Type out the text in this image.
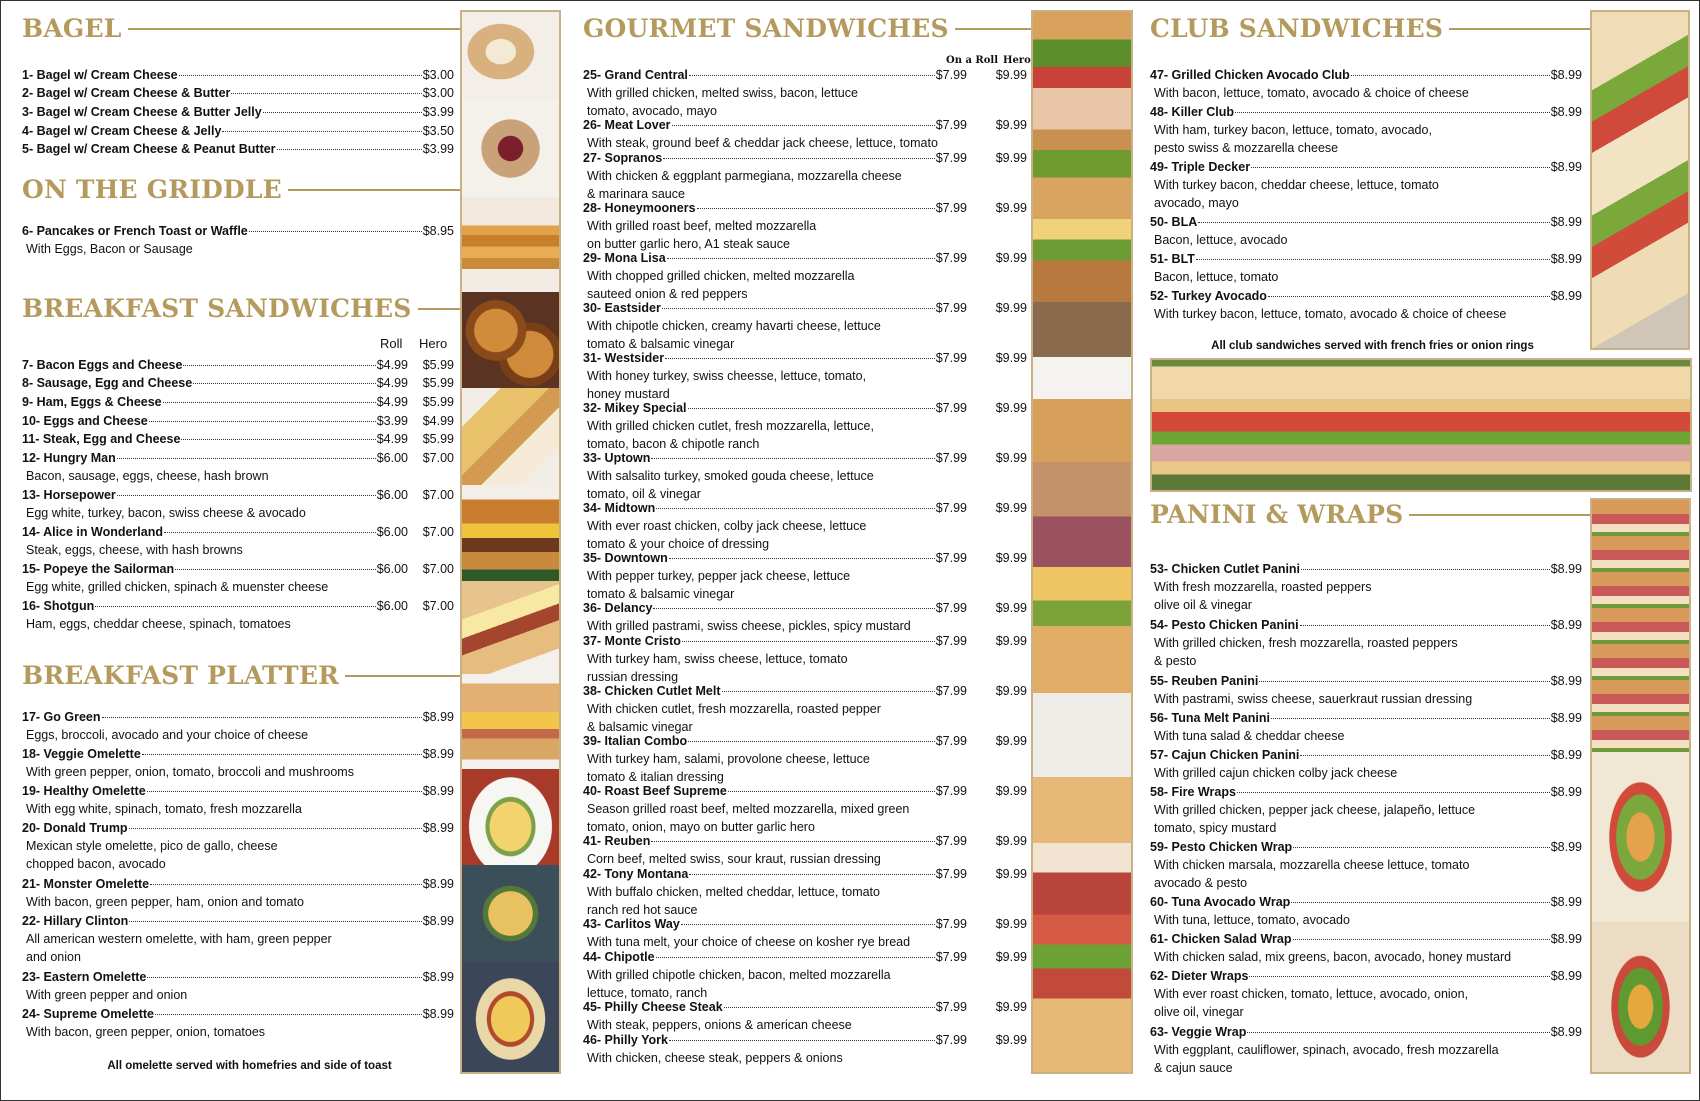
BAGEL
1- Bagel w/ Cream Cheese	$3.00
2- Bagel w/ Cream Cheese & Butter	$3.00
3- Bagel w/ Cream Cheese & Butter Jelly	$3.99
4- Bagel w/ Cream Cheese & Jelly	$3.50
5- Bagel w/ Cream Cheese & Peanut Butter	$3.99
ON THE GRIDDLE
6- Pancakes or French Toast or Waffle	$8.95
With Eggs, Bacon or Sausage
BREAKFAST SANDWICHES
Roll Hero
7- Bacon Eggs and Cheese	$4.99	$5.99
8- Sausage, Egg and Cheese	$4.99	$5.99
9- Ham, Eggs & Cheese	$4.99	$5.99
10- Eggs and Cheese	$3.99	$4.99
11- Steak, Egg and Cheese	$4.99	$5.99
12- Hungry Man	$6.00	$7.00
Bacon, sausage, eggs, cheese, hash brown
13- Horsepower	$6.00	$7.00
Egg white, turkey, bacon, swiss cheese & avocado
14- Alice in Wonderland	$6.00	$7.00
Steak, eggs, cheese, with hash browns
15- Popeye the Sailorman	$6.00	$7.00
Egg white, grilled chicken, spinach & muenster cheese
16- Shotgun	$6.00	$7.00
Ham, eggs, cheddar cheese, spinach, tomatoes
BREAKFAST PLATTER
17- Go Green	$8.99
Eggs, broccoli, avocado and your choice of cheese
18- Veggie Omelette	$8.99
With green pepper, onion, tomato, broccoli and mushrooms
19- Healthy Omelette	$8.99
With egg white, spinach, tomato, fresh mozzarella
20- Donald Trump	$8.99
Mexican style omelette, pico de gallo, cheese
chopped bacon, avocado
21- Monster Omelette	$8.99
With bacon, green pepper, ham, onion and tomato
22- Hillary Clinton	$8.99
All american western omelette, with ham, green pepper
and onion
23- Eastern Omelette	$8.99
With green pepper and onion
24- Supreme Omelette	$8.99
With bacon, green pepper, onion, tomatoes
All omelette served with homefries and side of toast
GOURMET SANDWICHES
On a Roll Hero
25- Grand Central	$7.99	$9.99
With grilled chicken, melted swiss, bacon, lettuce
tomato, avocado, mayo
26- Meat Lover	$7.99	$9.99
With steak, ground beef & cheddar jack cheese, lettuce, tomato
27- Sopranos	$7.99	$9.99
With chicken & eggplant parmegiana, mozzarella cheese
& marinara sauce
28- Honeymooners	$7.99	$9.99
With grilled roast beef, melted mozzarella
on butter garlic hero, A1 steak sauce
29- Mona Lisa	$7.99	$9.99
With chopped grilled chicken, melted mozzarella
sauteed onion & red peppers
30- Eastsider	$7.99	$9.99
With chipotle chicken, creamy havarti cheese, lettuce
tomato & balsamic vinegar
31- Westsider	$7.99	$9.99
With honey turkey, swiss cheesse, lettuce, tomato,
honey mustard
32- Mikey Special	$7.99	$9.99
With grilled chicken cutlet, fresh mozzarella, lettuce,
tomato, bacon & chipotle ranch
33- Uptown	$7.99	$9.99
With salsalito turkey, smoked gouda cheese, lettuce
tomato, oil & vinegar
34- Midtown	$7.99	$9.99
With ever roast chicken, colby jack cheese, lettuce
tomato & your choice of dressing
35- Downtown	$7.99	$9.99
With pepper turkey, pepper jack cheese, lettuce
tomato & balsamic vinegar
36- Delancy	$7.99	$9.99
With grilled pastrami, swiss cheese, pickles, spicy mustard
37- Monte Cristo	$7.99	$9.99
With turkey ham, swiss cheese, lettuce, tomato
russian dressing
38- Chicken Cutlet Melt	$7.99	$9.99
With chicken cutlet, fresh mozzarella, roasted pepper
& balsamic vinegar
39- Italian Combo	$7.99	$9.99
With turkey ham, salami, provolone cheese, lettuce
tomato & italian dressing
40- Roast Beef Supreme	$7.99	$9.99
Season grilled roast beef, melted mozzarella, mixed green
tomato, onion, mayo on butter garlic hero
41- Reuben	$7.99	$9.99
Corn beef, melted swiss, sour kraut, russian dressing
42- Tony Montana	$7.99	$9.99
With buffalo chicken, melted cheddar, lettuce, tomato
ranch red hot sauce
43- Carlitos Way	$7.99	$9.99
With tuna melt, your choice of cheese on kosher rye bread
44- Chipotle	$7.99	$9.99
With grilled chipotle chicken, bacon, melted mozzarella
lettuce, tomato, ranch
45- Philly Cheese Steak	$7.99	$9.99
With steak, peppers, onions & american cheese
46- Philly York	$7.99	$9.99
With chicken, cheese steak, peppers & onions
CLUB SANDWICHES
47- Grilled Chicken Avocado Club	$8.99
With bacon, lettuce, tomato, avocado & choice of cheese
48- Killer Club	$8.99
With ham, turkey bacon, lettuce, tomato, avocado,
pesto swiss & mozzarella cheese
49- Triple Decker	$8.99
With turkey bacon, cheddar cheese, lettuce, tomato
avocado, mayo
50- BLA	$8.99
Bacon, lettuce, avocado
51- BLT	$8.99
Bacon, lettuce, tomato
52- Turkey Avocado	$8.99
With turkey bacon, lettuce, tomato, avocado & choice of cheese
All club sandwiches served with french fries or onion rings
PANINI & WRAPS
53- Chicken Cutlet Panini	$8.99
With fresh mozzarella, roasted peppers
olive oil & vinegar
54- Pesto Chicken Panini	$8.99
With grilled chicken, fresh mozzarella, roasted peppers
& pesto
55- Reuben Panini	$8.99
With pastrami, swiss cheese, sauerkraut russian dressing
56- Tuna Melt Panini	$8.99
With tuna salad & cheddar cheese
57- Cajun Chicken Panini	$8.99
With grilled cajun chicken colby jack cheese
58- Fire Wraps	$8.99
With grilled chicken, pepper jack cheese, jalapeño, lettuce
tomato, spicy mustard
59- Pesto Chicken Wrap	$8.99
With chicken marsala, mozzarella cheese lettuce, tomato
avocado & pesto
60- Tuna Avocado Wrap	$8.99
With tuna, lettuce, tomato, avocado
61- Chicken Salad Wrap	$8.99
With chicken salad, mix greens, bacon, avocado, honey mustard
62- Dieter Wraps	$8.99
With ever roast chicken, tomato, lettuce, avocado, onion,
olive oil, vinegar
63- Veggie Wrap	$8.99
With eggplant, cauliflower, spinach, avocado, fresh mozzarella
& cajun sauce
